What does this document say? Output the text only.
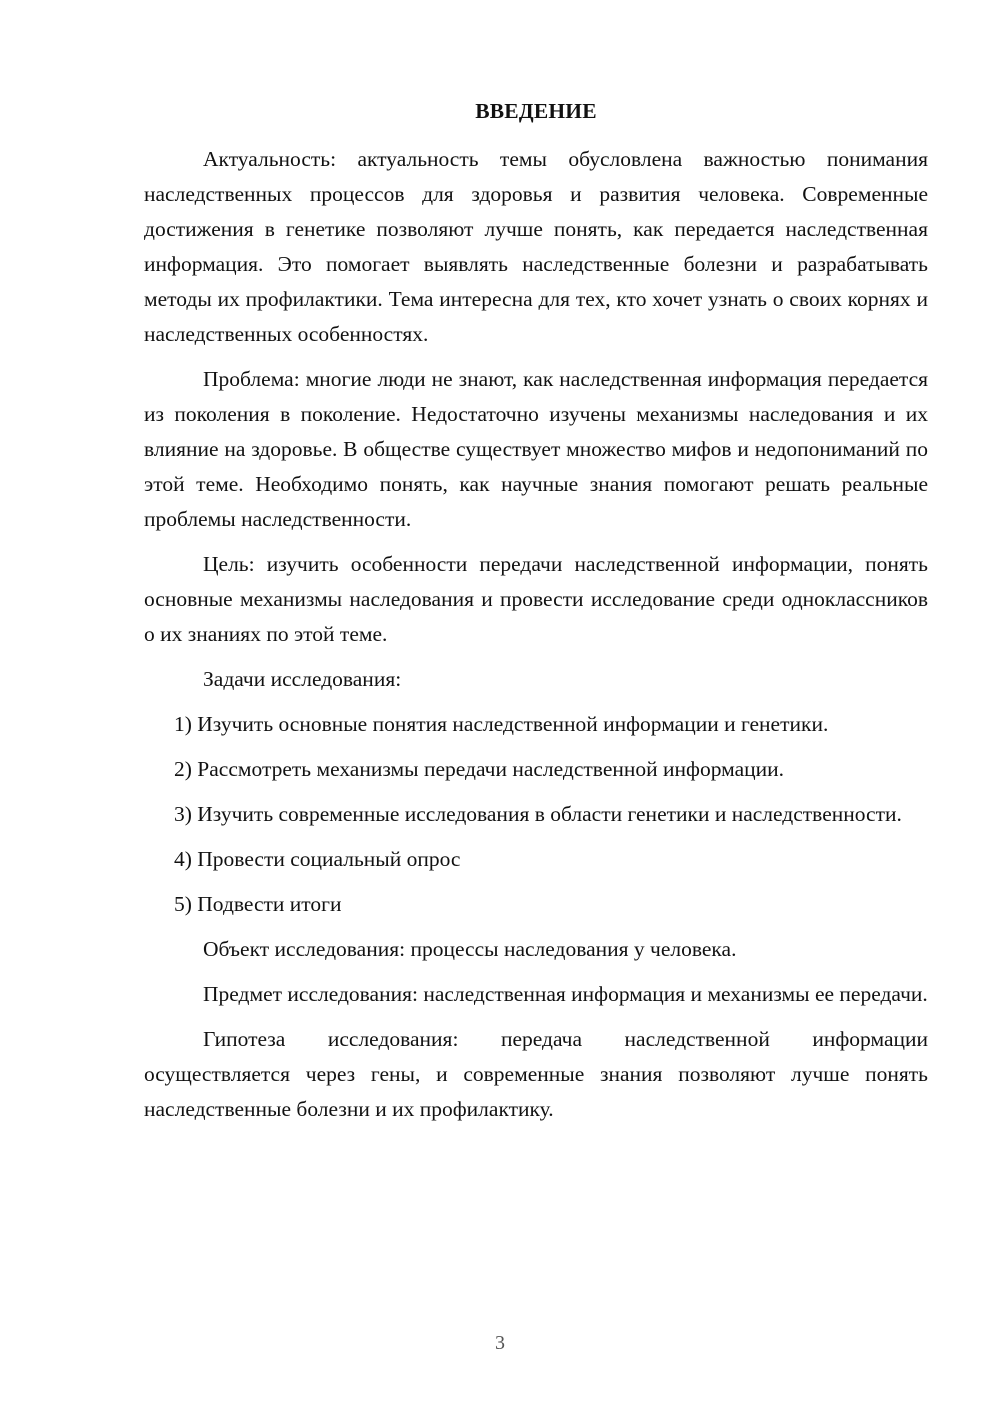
ВВЕДЕНИЕ

Актуальность: актуальность темы обусловлена важностью понимания наследственных процессов для здоровья и развития человека. Современные достижения в генетике позволяют лучше понять, как передается наследственная информация. Это помогает выявлять наследственные болезни и разрабатывать методы их профилактики. Тема интересна для тех, кто хочет узнать о своих корнях и наследственных особенностях.

Проблема: многие люди не знают, как наследственная информация передается из поколения в поколение. Недостаточно изучены механизмы наследования и их влияние на здоровье. В обществе существует множество мифов и недопониманий по этой теме. Необходимо понять, как научные знания помогают решать реальные проблемы наследственности.

Цель: изучить особенности передачи наследственной информации, понять основные механизмы наследования и провести исследование среди одноклассников о их знаниях по этой теме.

Задачи исследования:

1) Изучить основные понятия наследственной информации и генетики.

2) Рассмотреть механизмы передачи наследственной информации.

3) Изучить современные исследования в области генетики и наследственности.

4) Провести социальный опрос

5) Подвести итоги

Объект исследования: процессы наследования у человека.

Предмет исследования: наследственная информация и механизмы ее передачи.

Гипотеза исследования: передача наследственной информации осуществляется через гены, и современные знания позволяют лучше понять наследственные болезни и их профилактику.

3
